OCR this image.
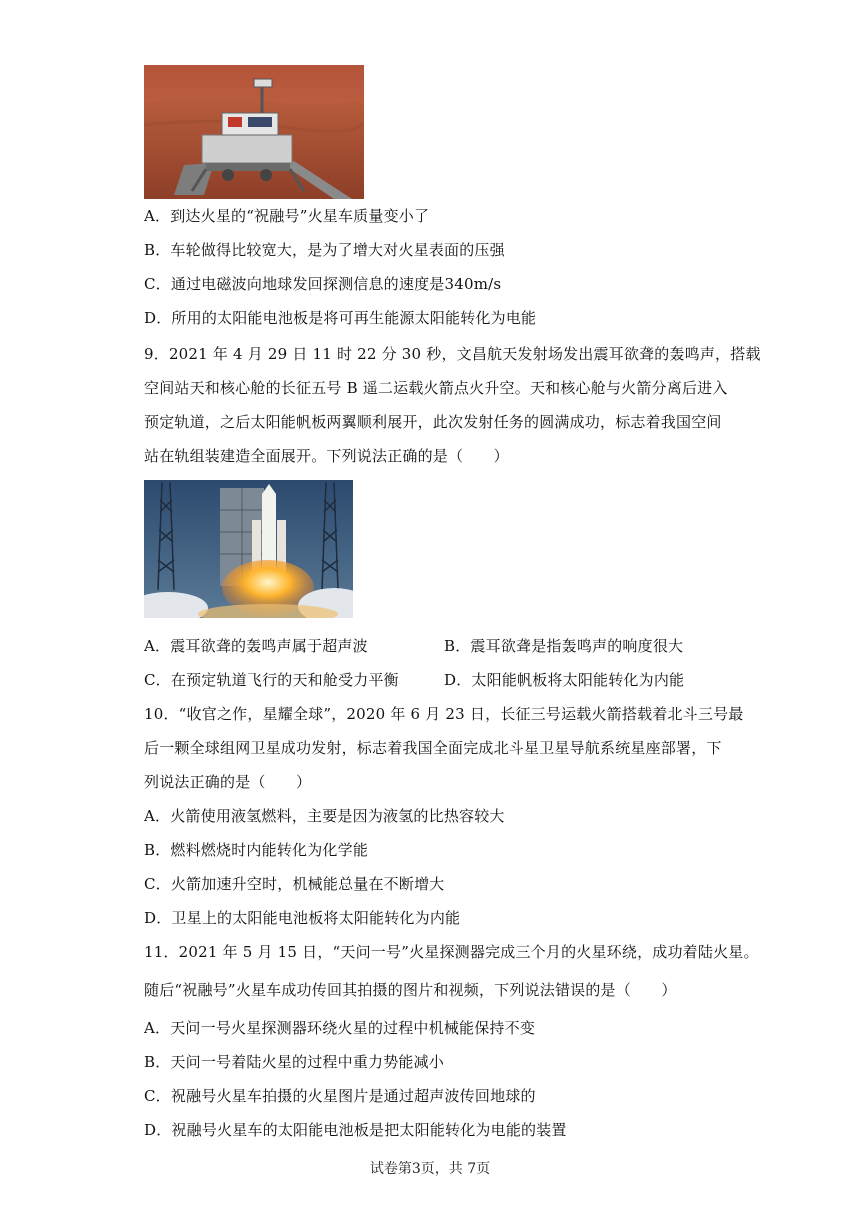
A．到达火星的“祝融号”火星车质量变小了
B．车轮做得比较宽大，是为了增大对火星表面的压强
C．通过电磁波向地球发回探测信息的速度是340m/s
D．所用的太阳能电池板是将可再生能源太阳能转化为电能
9．2021 年 4 月 29 日 11 时 22 分 30 秒，文昌航天发射场发出震耳欲聋的轰鸣声，搭载
空间站天和核心舱的长征五号 B 遥二运载火箭点火升空。天和核心舱与火箭分离后进入
预定轨道，之后太阳能帆板两翼顺利展开，此次发射任务的圆满成功，标志着我国空间
站在轨组装建造全面展开。下列说法正确的是（　　）
A．震耳欲聋的轰鸣声属于超声波	B．震耳欲聋是指轰鸣声的响度很大
C．在预定轨道飞行的天和舱受力平衡	D．太阳能帆板将太阳能转化为内能
10．“收官之作，星耀全球”，2020 年 6 月 23 日，长征三号运载火箭搭载着北斗三号最
后一颗全球组网卫星成功发射，标志着我国全面完成北斗星卫星导航系统星座部署，下
列说法正确的是（　　）
A．火箭使用液氢燃料，主要是因为液氢的比热容较大
B．燃料燃烧时内能转化为化学能
C．火箭加速升空时，机械能总量在不断增大
D．卫星上的太阳能电池板将太阳能转化为内能
11．2021 年 5 月 15 日，“天问一号”火星探测器完成三个月的火星环绕，成功着陆火星。
随后“祝融号”火星车成功传回其拍摄的图片和视频，下列说法错误的是（　　）
A．天问一号火星探测器环绕火星的过程中机械能保持不变
B．天问一号着陆火星的过程中重力势能减小
C．祝融号火星车拍摄的火星图片是通过超声波传回地球的
D．祝融号火星车的太阳能电池板是把太阳能转化为电能的装置
试卷第3页，共 7页
